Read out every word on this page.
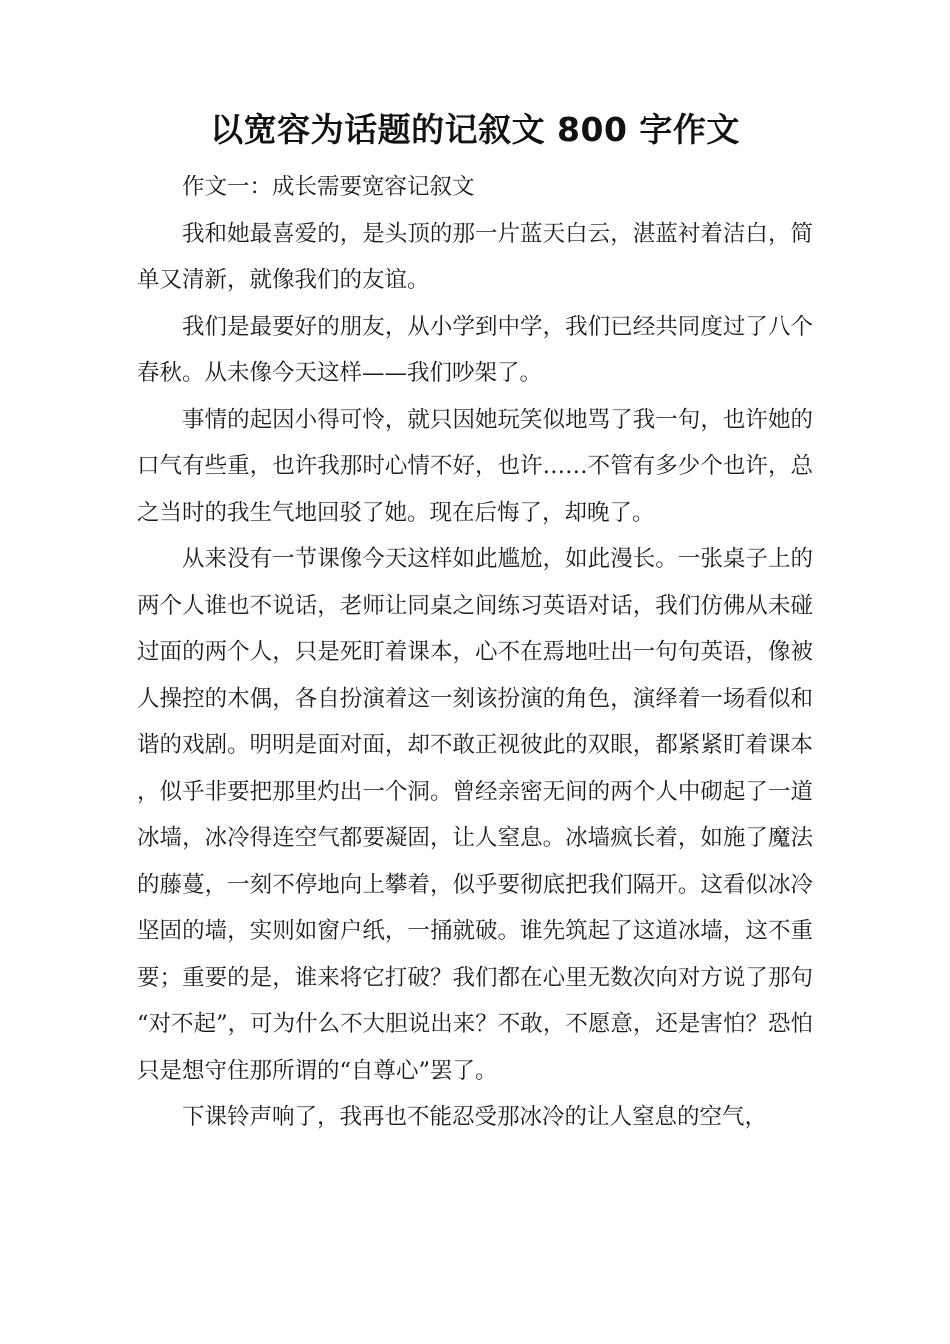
以宽容为话题的记叙文 800 字作文

作文一：成长需要宽容记叙文

我和她最喜爱的，是头顶的那一片蓝天白云，湛蓝衬着洁白，简单又清新，就像我们的友谊。

我们是最要好的朋友，从小学到中学，我们已经共同度过了八个春秋。从未像今天这样——我们吵架了。

事情的起因小得可怜，就只因她玩笑似地骂了我一句，也许她的口气有些重，也许我那时心情不好，也许……不管有多少个也许，总之当时的我生气地回驳了她。现在后悔了，却晚了。

从来没有一节课像今天这样如此尴尬，如此漫长。一张桌子上的两个人谁也不说话，老师让同桌之间练习英语对话，我们仿佛从未碰过面的两个人，只是死盯着课本，心不在焉地吐出一句句英语，像被人操控的木偶，各自扮演着这一刻该扮演的角色，演绎着一场看似和谐的戏剧。明明是面对面，却不敢正视彼此的双眼，都紧紧盯着课本，似乎非要把那里灼出一个洞。曾经亲密无间的两个人中砌起了一道冰墙，冰冷得连空气都要凝固，让人窒息。冰墙疯长着，如施了魔法的藤蔓，一刻不停地向上攀着，似乎要彻底把我们隔开。这看似冰冷坚固的墙，实则如窗户纸，一捅就破。谁先筑起了这道冰墙，这不重要；重要的是，谁来将它打破？我们都在心里无数次向对方说了那句“对不起”，可为什么不大胆说出来？不敢，不愿意，还是害怕？恐怕只是想守住那所谓的“自尊心”罢了。

下课铃声响了，我再也不能忍受那冰冷的让人窒息的空气，
